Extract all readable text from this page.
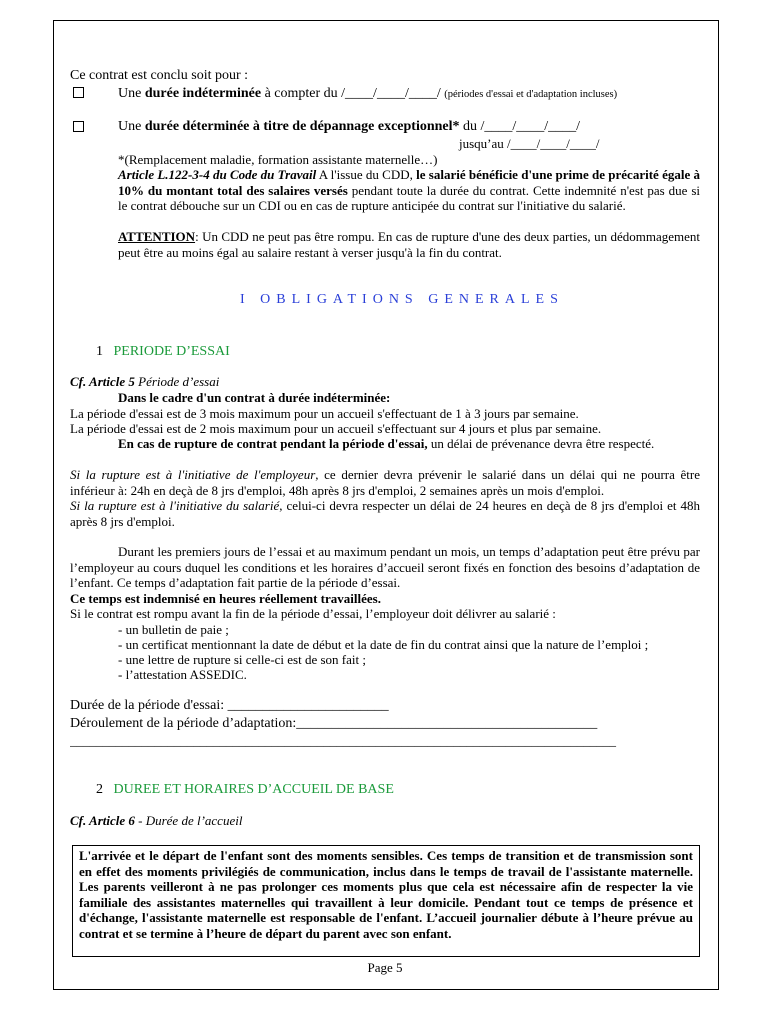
Ce contrat est conclu soit pour :
Une durée indéterminée à compter du /____/____/____/ (périodes d'essai et d'adaptation incluses)
Une durée déterminée à titre de dépannage exceptionnel* du /____/____/____/
jusqu’au /____/____/____/
*(Remplacement maladie, formation assistante maternelle…)
Article L.122-3-4 du Code du Travail A l'issue du CDD, le salarié bénéficie d'une prime de précarité égale à 10% du montant total des salaires versés pendant toute la durée du contrat. Cette indemnité n'est pas due si le contrat débouche sur un CDI ou en cas de rupture anticipée du contrat sur l'initiative du salarié.
ATTENTION: Un CDD ne peut pas être rompu. En cas de rupture d'une des deux parties, un dédommagement peut être au moins égal au salaire restant à verser jusqu'à la fin du contrat.
I OBLIGATIONS GENERALES
1 PERIODE D’ESSAI
Cf. Article 5 Période d’essai
Dans le cadre d'un contrat à durée indéterminée:
La période d'essai est de 3 mois maximum pour un accueil s'effectuant de 1 à 3 jours par semaine.
La période d'essai est de 2 mois maximum pour un accueil s'effectuant sur 4 jours et plus par semaine.
En cas de rupture de contrat pendant la période d'essai, un délai de prévenance devra être respecté.
Si la rupture est à l'initiative de l'employeur, ce dernier devra prévenir le salarié dans un délai qui ne pourra être inférieur à: 24h en deçà de 8 jrs d'emploi, 48h après 8 jrs d'emploi, 2 semaines après un mois d'emploi.
Si la rupture est à l'initiative du salarié, celui-ci devra respecter un délai de 24 heures en deçà de 8 jrs d'emploi et 48h après 8 jrs d'emploi.
Durant les premiers jours de l’essai et au maximum pendant un mois, un temps d’adaptation peut être prévu par l’employeur au cours duquel les conditions et les horaires d’accueil seront fixés en fonction des besoins d’adaptation de l’enfant. Ce temps d’adaptation fait partie de la période d’essai.
Ce temps est indemnisé en heures réellement travaillées.
Si le contrat est rompu avant la fin de la période d’essai, l’employeur doit délivrer au salarié :
- un bulletin de paie ;
- un certificat mentionnant la date de début et la date de fin du contrat ainsi que la nature de l’emploi ;
- une lettre de rupture si celle-ci est de son fait ;
- l’attestation ASSEDIC.
Durée de la période d'essai: _______________________
Déroulement de la période d’adaptation:___________________________________________
____________________________________________________________________________________
2 DUREE ET HORAIRES D’ACCUEIL DE BASE
Cf. Article 6 - Durée de l’accueil
L'arrivée et le départ de l'enfant sont des moments sensibles. Ces temps de transition et de transmission sont en effet des moments privilégiés de communication, inclus dans le temps de travail de l'assistante maternelle. Les parents veilleront à ne pas prolonger ces moments plus que cela est nécessaire afin de respecter la vie familiale des assistantes maternelles qui travaillent à leur domicile. Pendant tout ce temps de présence et d'échange, l'assistante maternelle est responsable de l'enfant. L’accueil journalier débute à l’heure prévue au contrat et se termine à l’heure de départ du parent avec son enfant.
Page 5
